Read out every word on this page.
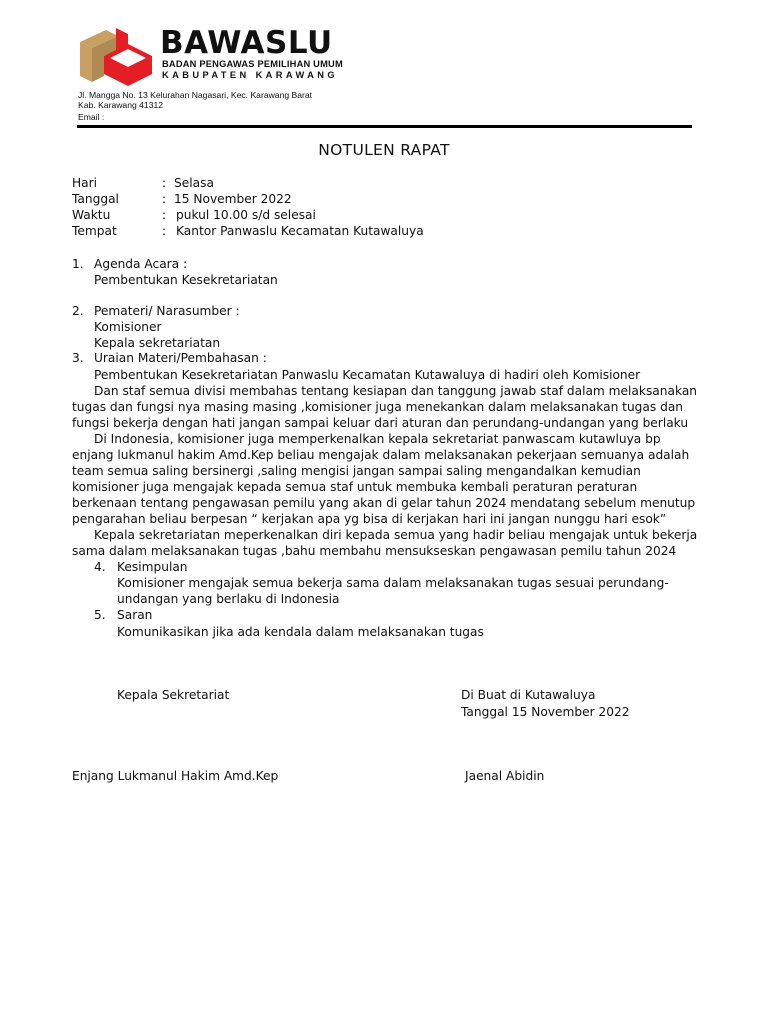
BAWASLU
BADAN PENGAWAS PEMILIHAN UMUM
KABUPATEN KARAWANG
Jl. Mangga No. 13 Kelurahan Nagasari, Kec. Karawang Barat
Kab. Karawang 41312
Email :
NOTULEN RAPAT
Hari	: Selasa
Tanggal	: 15 November 2022
Waktu	: pukul 10.00 s/d selesai
Tempat	: Kantor Panwaslu Kecamatan Kutawaluya
1. Agenda Acara :
Pembentukan Kesekretariatan
2. Pemateri/ Narasumber :
Komisioner
Kepala sekretariatan
3. Uraian Materi/Pembahasan :
Pembentukan Kesekretariatan Panwaslu Kecamatan Kutawaluya di hadiri oleh Komisioner
Dan staf semua divisi membahas tentang kesiapan dan tanggung jawab staf dalam melaksanakan
tugas dan fungsi nya masing masing ,komisioner juga menekankan dalam melaksanakan tugas dan
fungsi bekerja dengan hati jangan sampai keluar dari aturan dan perundang-undangan yang berlaku
Di Indonesia, komisioner juga memperkenalkan kepala sekretariat panwascam kutawluya bp
enjang lukmanul hakim Amd.Kep beliau mengajak dalam melaksanakan pekerjaan semuanya adalah
team semua saling bersinergi ,saling mengisi jangan sampai saling mengandalkan kemudian
komisioner juga mengajak kepada semua staf untuk membuka kembali peraturan peraturan
berkenaan tentang pengawasan pemilu yang akan di gelar tahun 2024 mendatang sebelum menutup
pengarahan beliau berpesan “ kerjakan apa yg bisa di kerjakan hari ini jangan nunggu hari esok”
Kepala sekretariatan meperkenalkan diri kepada semua yang hadir beliau mengajak untuk bekerja
sama dalam melaksanakan tugas ,bahu membahu mensukseskan pengawasan pemilu tahun 2024
4. Kesimpulan
Komisioner mengajak semua bekerja sama dalam melaksanakan tugas sesuai perundang-
undangan yang berlaku di Indonesia
5. Saran
Komunikasikan jika ada kendala dalam melaksanakan tugas
Kepala Sekretariat	Di Buat di Kutawaluya
Tanggal 15 November 2022
Enjang Lukmanul Hakim Amd.Kep	Jaenal Abidin
